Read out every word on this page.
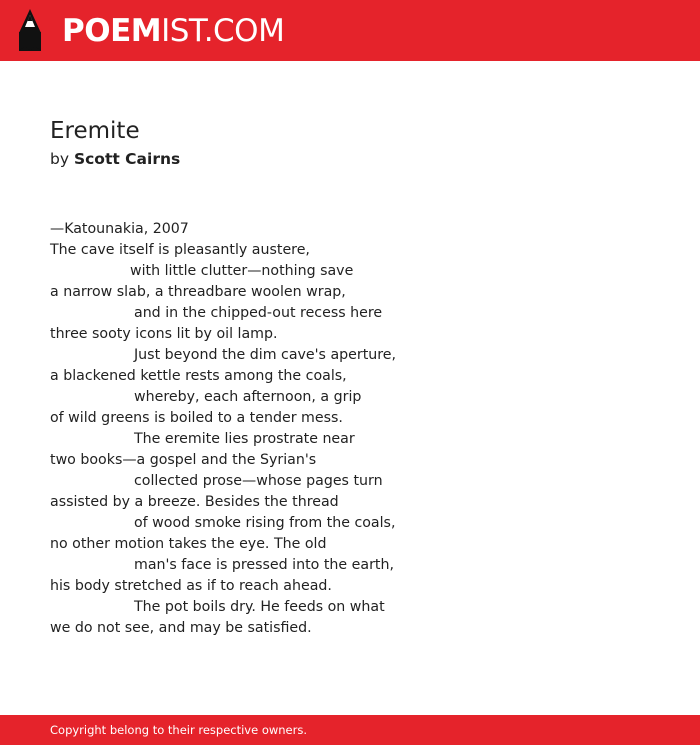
POEMIST.COM
Eremite
by Scott Cairns
—Katounakia, 2007
The cave itself is pleasantly austere,
with little clutter—nothing save
a narrow slab, a threadbare woolen wrap,
and in the chipped-out recess here
three sooty icons lit by oil lamp.
Just beyond the dim cave's aperture,
a blackened kettle rests among the coals,
whereby, each afternoon, a grip
of wild greens is boiled to a tender mess.
The eremite lies prostrate near
two books—a gospel and the Syrian's
collected prose—whose pages turn
assisted by a breeze. Besides the thread
of wood smoke rising from the coals,
no other motion takes the eye. The old
man's face is pressed into the earth,
his body stretched as if to reach ahead.
The pot boils dry. He feeds on what
we do not see, and may be satisfied.
Copyright belong to their respective owners.
